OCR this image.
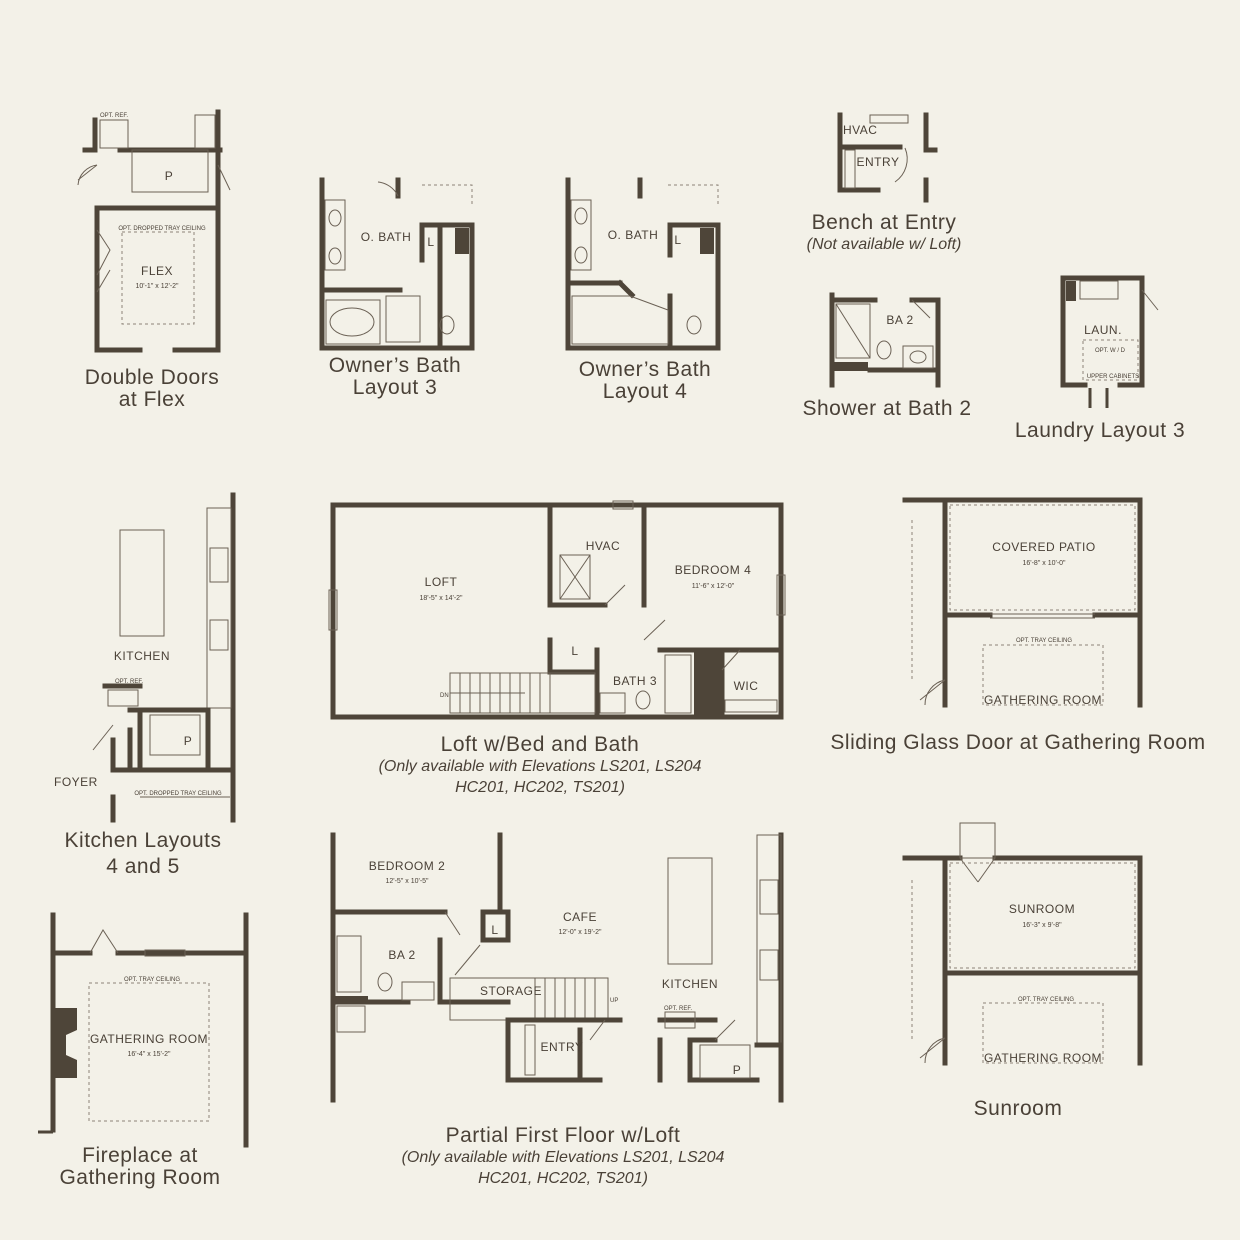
OPT. REF.
P
OPT. DROPPED TRAY CEILING
FLEX
10'-1" x 12'-2"
O. BATH L	O. BATH L
HVAC
ENTRY
BA 2
LAUN.
OPT. W / D
UPPER CABINETS
KITCHEN
OPT. REF.
P
FOYER
OPT. DROPPED TRAY CEILING
LOFT
18'-5" x 14'-2"
HVAC
BEDROOM 4
11'-6" x 12'-0"
L
BATH 3	WIC
DN
COVERED PATIO
16'-8" x 10'-0"
OPT. TRAY CEILING
GATHERING ROOM
OPT. TRAY CEILING
GATHERING ROOM
16'-4" x 15'-2"
BEDROOM 2
12'-5" x 10'-5"
L
CAFE
12'-0" x 19'-2"
BA 2
STORAGE
UP
KITCHEN
OPT. REF.
ENTRY
P
SUNROOM
16'-3" x 9'-8"
OPT. TRAY CEILING
GATHERING ROOM
Double Doors
at Flex
Owner’s Bath
Layout 3
Owner’s Bath
Layout 4
Bench at Entry
(Not available w/ Loft)
Shower at Bath 2
Laundry Layout 3
Kitchen Layouts
4 and 5
Loft w/Bed and Bath
(Only available with Elevations LS201, LS204
HC201, HC202, TS201)
Sliding Glass Door at Gathering Room
Fireplace at
Gathering Room
Partial First Floor w/Loft
(Only available with Elevations LS201, LS204
HC201, HC202, TS201)
Sunroom
